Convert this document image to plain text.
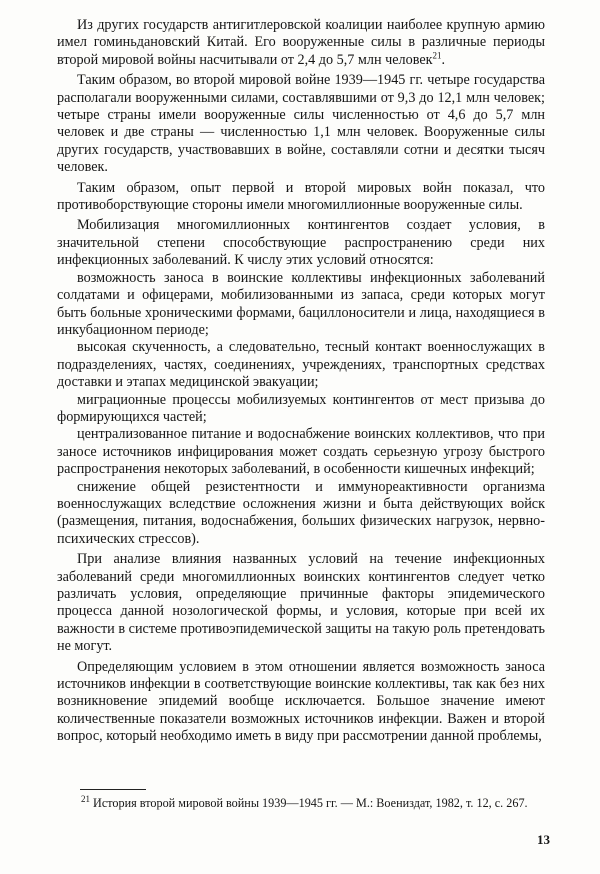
Из других государств антигитлеровской коалиции наиболее крупную армию имел гоминьдановский Китай. Его вооруженные силы в различные периоды второй мировой войны насчитывали от 2,4 до 5,7 млн человек$^{21}$.

Таким образом, во второй мировой войне 1939—1945 гг. четыре государства располагали вооруженными силами, составлявшими от 9,3 до 12,1 млн человек; четыре страны имели вооруженные силы численностью от 4,6 до 5,7 млн человек и две страны — численностью 1,1 млн человек. Вооруженные силы других государств, участвовавших в войне, составляли сотни и десятки тысяч человек.

Таким образом, опыт первой и второй мировых войн показал, что противоборствующие стороны имели многомиллионные вооруженные силы.

Мобилизация многомиллионных контингентов создает условия, в значительной степени способствующие распространению среди них инфекционных заболеваний. К числу этих условий относятся:

возможность заноса в воинские коллективы инфекционных заболеваний солдатами и офицерами, мобилизованными из запаса, среди которых могут быть больные хроническими формами, бациллоносители и лица, находящиеся в инкубационном периоде;

высокая скученность, а следовательно, тесный контакт военнослужащих в подразделениях, частях, соединениях, учреждениях, транспортных средствах доставки и этапах медицинской эвакуации;

миграционные процессы мобилизуемых контингентов от мест призыва до формирующихся частей;

централизованное питание и водоснабжение воинских коллективов, что при заносе источников инфицирования может создать серьезную угрозу быстрого распространения некоторых заболеваний, в особенности кишечных инфекций;

снижение общей резистентности и иммунореактивности организма военнослужащих вследствие осложнения жизни и быта действующих войск (размещения, питания, водоснабжения, больших физических нагрузок, нервно-психических стрессов).

При анализе влияния названных условий на течение инфекционных заболеваний среди многомиллионных воинских контингентов следует четко различать условия, определяющие причинные факторы эпидемического процесса данной нозологической формы, и условия, которые при всей их важности в системе противоэпидемической защиты на такую роль претендовать не могут.

Определяющим условием в этом отношении является возможность заноса источников инфекции в соответствующие воинские коллективы, так как без них возникновение эпидемий вообще исключается. Большое значение имеют количественные показатели возможных источников инфекции. Важен и второй вопрос, который необходимо иметь в виду при рассмотрении данной проблемы,

$^{21}$ История второй мировой войны 1939—1945 гг. — М.: Воениздат, 1982, т. 12, с. 267.

13
